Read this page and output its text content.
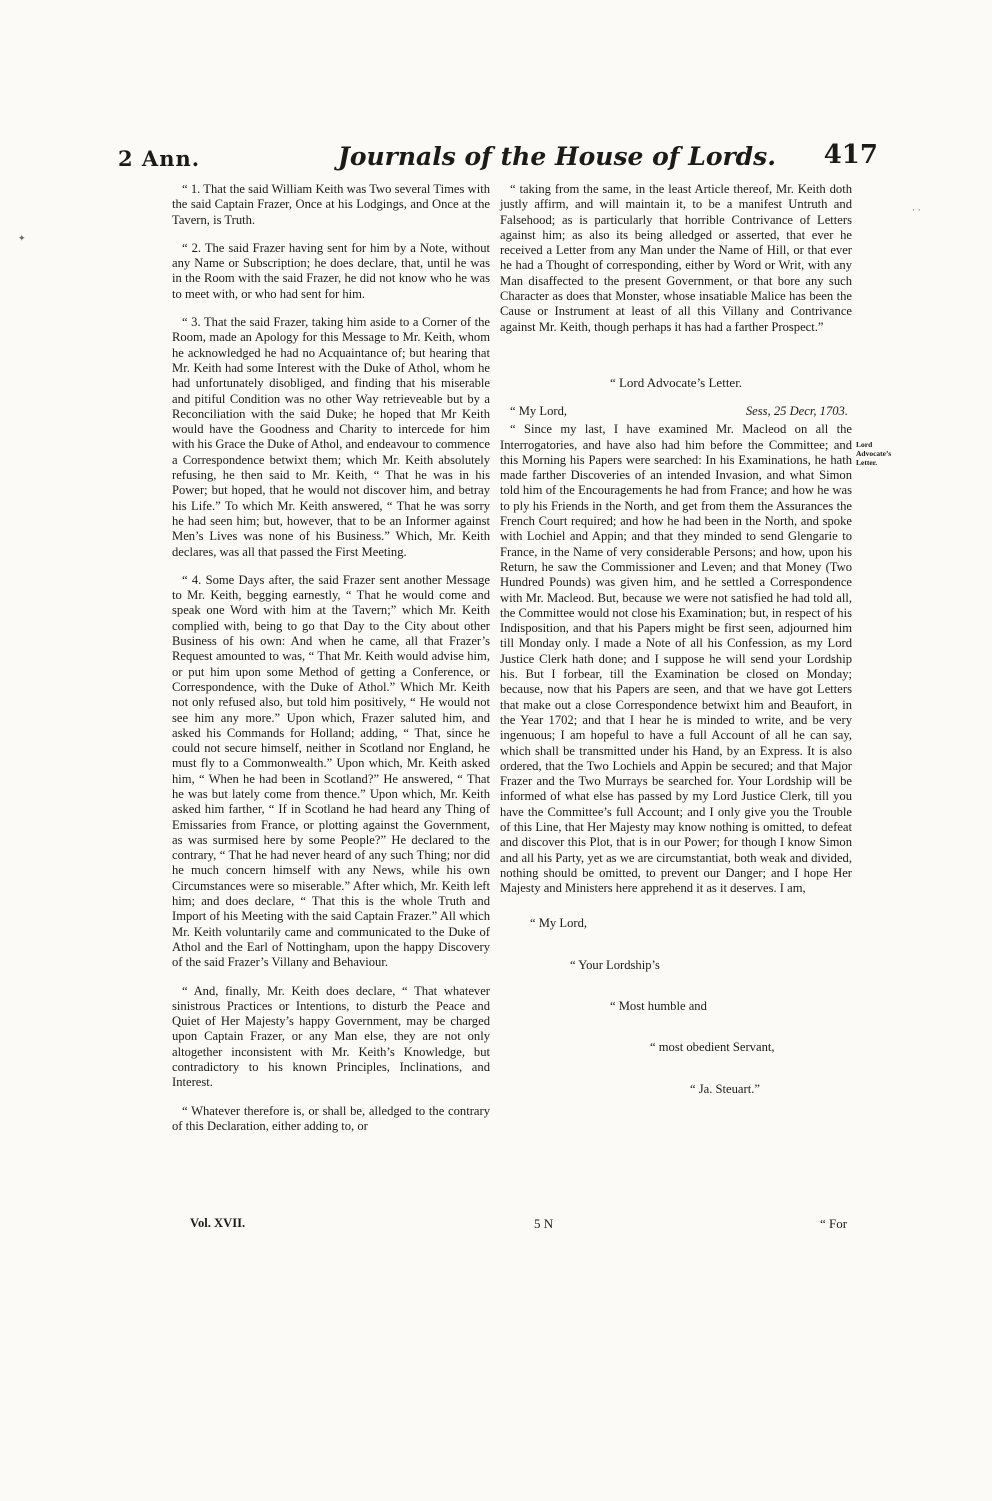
2 Ann.	Journals of the House of Lords. 417

“ 1. That the said William Keith was Two several Times with the said Captain Frazer, Once at his Lodgings, and Once at the Tavern, is Truth.

“ 2. The said Frazer having sent for him by a Note, without any Name or Subscription; he does declare, that, until he was in the Room with the said Frazer, he did not know who he was to meet with, or who had sent for him.

“ 3. That the said Frazer, taking him aside to a Corner of the Room, made an Apology for this Message to Mr. Keith, whom he acknowledged he had no Acquaintance of; but hearing that Mr. Keith had some Interest with the Duke of Athol, whom he had unfortunately disobliged, and finding that his miserable and pitiful Condition was no other Way retrieveable but by a Reconciliation with the said Duke; he hoped that Mr Keith would have the Goodness and Charity to intercede for him with his Grace the Duke of Athol, and endeavour to commence a Correspondence betwixt them; which Mr. Keith absolutely refusing, he then said to Mr. Keith, “ That he was in his Power; but hoped, that he would not discover him, and betray his Life.” To which Mr. Keith answered, “ That he was sorry he had seen him; but, however, that to be an Informer against Men’s Lives was none of his Business.” Which, Mr. Keith declares, was all that passed the First Meeting.

“ 4. Some Days after, the said Frazer sent another Message to Mr. Keith, begging earnestly, “ That he would come and speak one Word with him at the Tavern;” which Mr. Keith complied with, being to go that Day to the City about other Business of his own: And when he came, all that Frazer’s Request amounted to was, “ That Mr. Keith would advise him, or put him upon some Method of getting a Conference, or Correspondence, with the Duke of Athol.” Which Mr. Keith not only refused also, but told him positively, “ He would not see him any more.” Upon which, Frazer saluted him, and asked his Commands for Holland; adding, “ That, since he could not secure himself, neither in Scotland nor England, he must fly to a Commonwealth.” Upon which, Mr. Keith asked him, “ When he had been in Scotland?” He answered, “ That he was but lately come from thence.” Upon which, Mr. Keith asked him farther, “ If in Scotland he had heard any Thing of Emissaries from France, or plotting against the Government, as was surmised here by some People?” He declared to the contrary, “ That he had never heard of any such Thing; nor did he much concern himself with any News, while his own Circumstances were so miserable.” After which, Mr. Keith left him; and does declare, “ That this is the whole Truth and Import of his Meeting with the said Captain Frazer.” All which Mr. Keith voluntarily came and communicated to the Duke of Athol and the Earl of Nottingham, upon the happy Discovery of the said Frazer’s Villany and Behaviour.

“ And, finally, Mr. Keith does declare, “ That whatever sinistrous Practices or Intentions, to disturb the Peace and Quiet of Her Majesty’s happy Government, may be charged upon Captain Frazer, or any Man else, they are not only altogether inconsistent with Mr. Keith’s Knowledge, but contradictory to his known Principles, Inclinations, and Interest.

“ Whatever therefore is, or shall be, alledged to the contrary of this Declaration, either adding to, or

“ taking from the same, in the least Article thereof, Mr. Keith doth justly affirm, and will maintain it, to be a manifest Untruth and Falsehood; as is particularly that horrible Contrivance of Letters against him; as also its being alledged or asserted, that ever he received a Letter from any Man under the Name of Hill, or that ever he had a Thought of corresponding, either by Word or Writ, with any Man disaffected to the present Government, or that bore any such Character as does that Monster, whose insatiable Malice has been the Cause or Instrument at least of all this Villany and Contrivance against Mr. Keith, though perhaps it has had a farther Prospect.”

“ Lord Advocate’s Letter.
“ My Lord,	Sess, 25 Decr, 1703.

“ Since my last, I have examined Mr. Macleod on all the Interrogatories, and have also had him before the Committee; and this Morning his Papers were searched: In his Examinations, he hath made farther Discoveries of an intended Invasion, and what Simon told him of the Encouragements he had from France; and how he was to ply his Friends in the North, and get from them the Assurances the French Court required; and how he had been in the North, and spoke with Lochiel and Appin; and that they minded to send Glengarie to France, in the Name of very considerable Persons; and how, upon his Return, he saw the Commissioner and Leven; and that Money (Two Hundred Pounds) was given him, and he settled a Correspondence with Mr. Macleod. But, because we were not satisfied he had told all, the Committee would not close his Examination; but, in respect of his Indisposition, and that his Papers might be first seen, adjourned him till Monday only. I made a Note of all his Confession, as my Lord Justice Clerk hath done; and I suppose he will send your Lordship his. But I forbear, till the Examination be closed on Monday; because, now that his Papers are seen, and that we have got Letters that make out a close Correspondence betwixt him and Beaufort, in the Year 1702; and that I hear he is minded to write, and be very ingenuous; I am hopeful to have a full Account of all he can say, which shall be transmitted under his Hand, by an Express. It is also ordered, that the Two Lochiels and Appin be secured; and that Major Frazer and the Two Murrays be searched for. Your Lordship will be informed of what else has passed by my Lord Justice Clerk, till you have the Committee’s full Account; and I only give you the Trouble of this Line, that Her Majesty may know nothing is omitted, to defeat and discover this Plot, that is in our Power; for though I know Simon and all his Party, yet as we are circumstantiat, both weak and divided, nothing should be omitted, to prevent our Danger; and I hope Her Majesty and Ministers here apprehend it as it deserves. I am,

“ My Lord,
“ Your Lordship’s
“ Most humble and
“ most obedient Servant,
“ Ja. Steuart.”
Lord Advocate’s Letter.
Vol. XVII.	5 N	“ For
✦
· ·
